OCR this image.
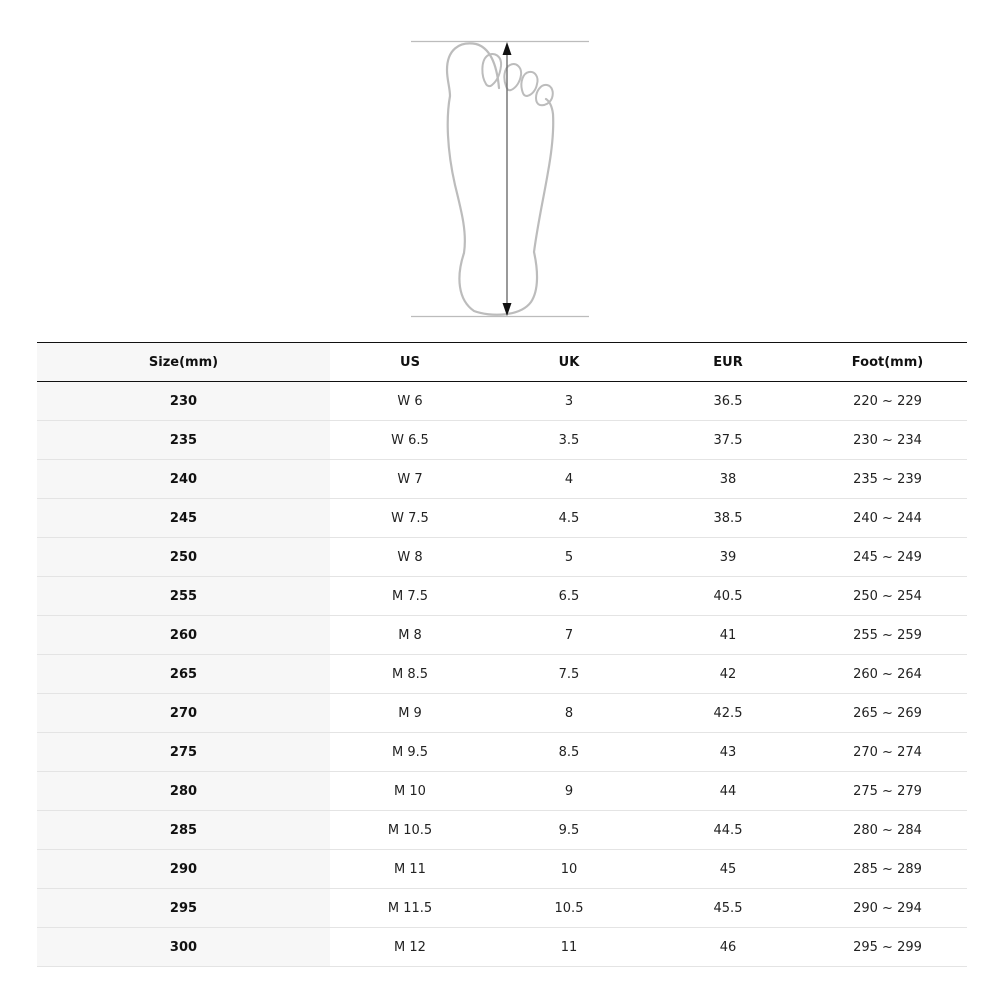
Size(mm)	US	UK	EUR	Foot(mm)
230	W 6	3	36.5	220 ~ 229
235	W 6.5	3.5	37.5	230 ~ 234
240	W 7	4	38	235 ~ 239
245	W 7.5	4.5	38.5	240 ~ 244
250	W 8	5	39	245 ~ 249
255	M 7.5	6.5	40.5	250 ~ 254
260	M 8	7	41	255 ~ 259
265	M 8.5	7.5	42	260 ~ 264
270	M 9	8	42.5	265 ~ 269
275	M 9.5	8.5	43	270 ~ 274
280	M 10	9	44	275 ~ 279
285	M 10.5	9.5	44.5	280 ~ 284
290	M 11	10	45	285 ~ 289
295	M 11.5	10.5	45.5	290 ~ 294
300	M 12	11	46	295 ~ 299
